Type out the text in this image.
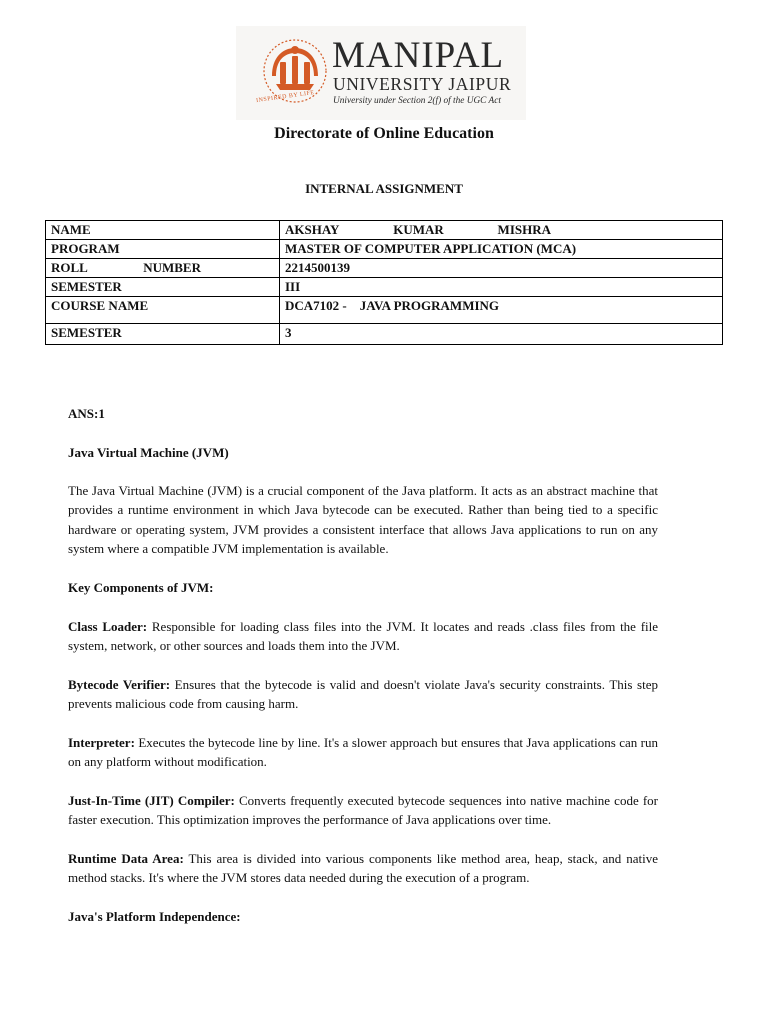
INSPIRED BY LIFE
MANIPAL
UNIVERSITY JAIPUR
University under Section 2(f) of the UGC Act
Directorate of Online Education
INTERNAL ASSIGNMENT
NAME	AKSHAY KUMAR MISHRA

PROGRAM	MASTER OF COMPUTER APPLICATION (MCA)

ROLL NUMBER	2214500139
SEMESTER	III
COURSE NAME	DCA7102 -    JAVA PROGRAMMING
SEMESTER	3
ANS:1
Java Virtual Machine (JVM)
The Java Virtual Machine (JVM) is a crucial component of the Java platform. It acts as an abstract machine that provides a runtime environment in which Java bytecode can be executed. Rather than being tied to a specific hardware or operating system, JVM provides a consistent interface that allows Java applications to run on any system where a compatible JVM implementation is available.
Key Components of JVM:
Class Loader: Responsible for loading class files into the JVM. It locates and reads .class files from the file system, network, or other sources and loads them into the JVM.
Bytecode Verifier: Ensures that the bytecode is valid and doesn't violate Java's security constraints. This step prevents malicious code from causing harm.
Interpreter: Executes the bytecode line by line. It's a slower approach but ensures that Java applications can run on any platform without modification.
Just-In-Time (JIT) Compiler: Converts frequently executed bytecode sequences into native machine code for faster execution. This optimization improves the performance of Java applications over time.
Runtime Data Area: This area is divided into various components like method area, heap, stack, and native method stacks. It's where the JVM stores data needed during the execution of a program.
Java's Platform Independence:
